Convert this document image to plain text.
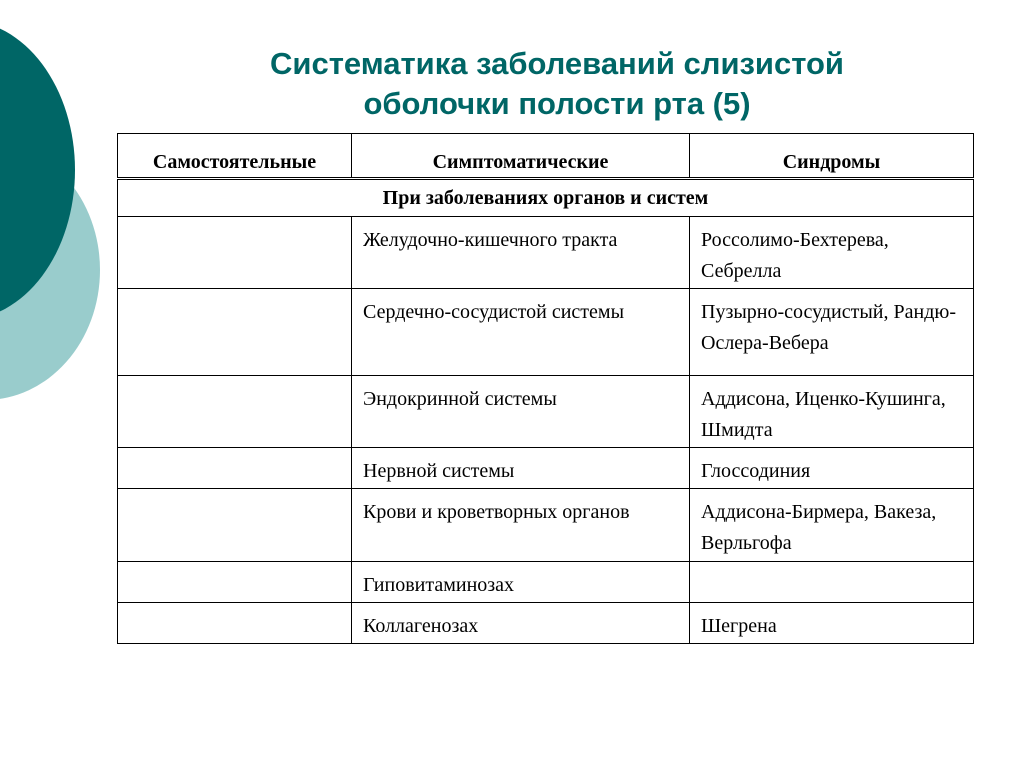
Систематика заболеваний слизистой
оболочки полости рта (5)
Самостоятельные	Симптоматические	Синдромы
При заболеваниях органов и систем		
	Желудочно-кишечного тракта	Россолимо-Бехтерева, Себрелла
	Сердечно-сосудистой системы	Пузырно-сосудистый, Рандю-Ослера-Вебера
	Эндокринной системы	Аддисона, Иценко-Кушинга, Шмидта
	Нервной системы	Глоссодиния
	Крови и кроветворных органов	Аддисона-Бирмера, Вакеза, Верльгофа
	Гиповитаминозах	
	Коллагенозах	Шегрена
